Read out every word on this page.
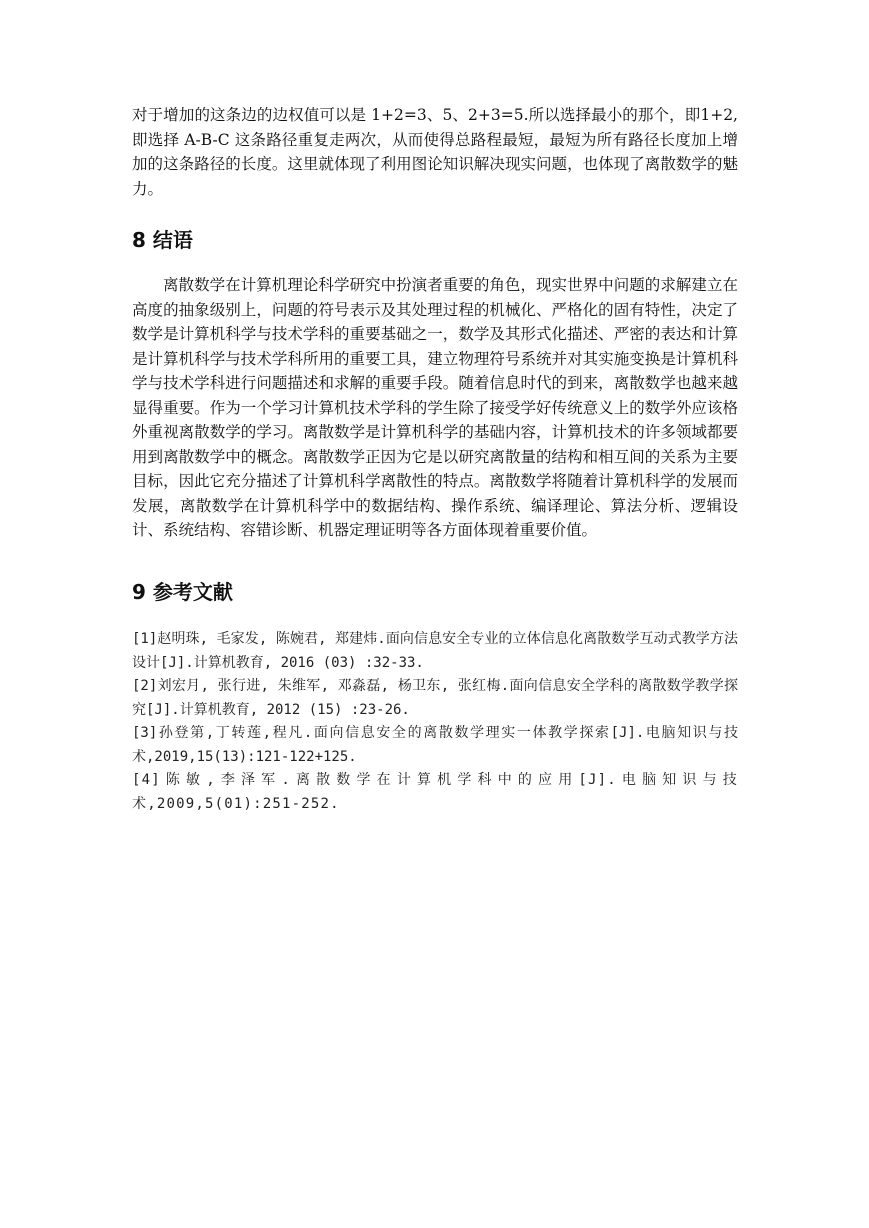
对于增加的这条边的边权值可以是 1+2=3、5、2+3=5.所以选择最小的那个，即1+2,即选择 A-B-C 这条路径重复走两次，从而使得总路程最短，最短为所有路径长度加上增加的这条路径的长度。这里就体现了利用图论知识解决现实问题，也体现了离散数学的魅力。

8 结语

离散数学在计算机理论科学研究中扮演者重要的角色，现实世界中问题的求解建立在高度的抽象级别上，问题的符号表示及其处理过程的机械化、严格化的固有特性，决定了数学是计算机科学与技术学科的重要基础之一，数学及其形式化描述、严密的表达和计算是计算机科学与技术学科所用的重要工具，建立物理符号系统并对其实施变换是计算机科学与技术学科进行问题描述和求解的重要手段。随着信息时代的到来，离散数学也越来越显得重要。作为一个学习计算机技术学科的学生除了接受学好传统意义上的数学外应该格外重视离散数学的学习。离散数学是计算机科学的基础内容，计算机技术的许多领域都要用到离散数学中的概念。离散数学正因为它是以研究离散量的结构和相互间的关系为主要目标，因此它充分描述了计算机科学离散性的特点。离散数学将随着计算机科学的发展而发展，离散数学在计算机科学中的数据结构、操作系统、编译理论、算法分析、逻辑设计、系统结构、容错诊断、机器定理证明等各方面体现着重要价值。

9 参考文献

[1]赵明珠, 毛家发, 陈婉君, 郑建炜.面向信息安全专业的立体信息化离散数学互动式教学方法设计[J].计算机教育, 2016 (03) :32-33.

[2]刘宏月, 张行进, 朱维军, 邓淼磊, 杨卫东, 张红梅.面向信息安全学科的离散数学教学探究[J].计算机教育, 2012 (15) :23-26.

[3]孙登第,丁转莲,程凡.面向信息安全的离散数学理实一体教学探索[J].电脑知识与技术,2019,15(13):121-122+125.

[4]陈敏,李泽军.离散数学在计算机学科中的应用[J].电脑知识与技术,2009,5(01):251-252.
